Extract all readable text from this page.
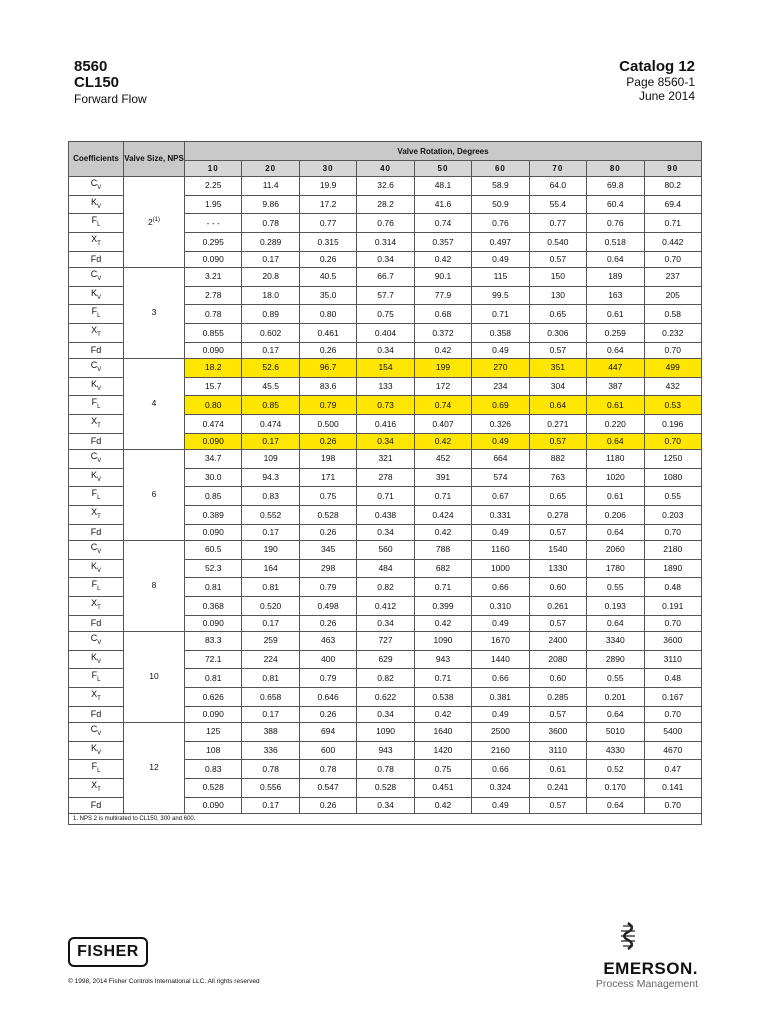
8560
CL150
Forward Flow
Catalog 12
Page 8560-1
June 2014
Coefficients	Valve Size, NPS	Valve Rotation, Degrees								
		10	20	30	40	50	60	70	80	90
$C_V$	2$^{(1)}$	2.25	11.4	19.9	32.6	48.1	58.9	64.0	69.8	80.2
$K_V$		1.95	9.86	17.2	28.2	41.6	50.9	55.4	60.4	69.4
$F_L$		- - -	0.78	0.77	0.76	0.74	0.76	0.77	0.76	0.71
$X_T$		0.295	0.289	0.315	0.314	0.357	0.497	0.540	0.518	0.442
Fd		0.090	0.17	0.26	0.34	0.42	0.49	0.57	0.64	0.70
$C_V$	3	3.21	20.8	40.5	66.7	90.1	115	150	189	237
$K_V$		2.78	18.0	35.0	57.7	77.9	99.5	130	163	205
$F_L$		0.78	0.89	0.80	0.75	0.68	0.71	0.65	0.61	0.58
$X_T$		0.855	0.602	0.461	0.404	0.372	0.358	0.306	0.259	0.232
Fd		0.090	0.17	0.26	0.34	0.42	0.49	0.57	0.64	0.70
$C_V$	4	18.2	52.6	96.7	154	199	270	351	447	499
$K_V$		15.7	45.5	83.6	133	172	234	304	387	432
$F_L$		0.80	0.85	0.79	0.73	0.74	0.69	0.64	0.61	0.53
$X_T$		0.474	0.474	0.500	0.416	0.407	0.326	0.271	0.220	0.196
Fd		0.090	0.17	0.26	0.34	0.42	0.49	0.57	0.64	0.70
$C_V$	6	34.7	109	198	321	452	664	882	1180	1250
$K_V$		30.0	94.3	171	278	391	574	763	1020	1080
$F_L$		0.85	0.83	0.75	0.71	0.71	0.67	0.65	0.61	0.55
$X_T$		0.389	0.552	0.528	0.438	0.424	0.331	0.278	0.206	0.203
Fd		0.090	0.17	0.26	0.34	0.42	0.49	0.57	0.64	0.70
$C_V$	8	60.5	190	345	560	788	1160	1540	2060	2180
$K_V$		52.3	164	298	484	682	1000	1330	1780	1890
$F_L$		0.81	0.81	0.79	0.82	0.71	0.66	0.60	0.55	0.48
$X_T$		0.368	0.520	0.498	0.412	0.399	0.310	0.261	0.193	0.191
Fd		0.090	0.17	0.26	0.34	0.42	0.49	0.57	0.64	0.70
$C_V$	10	83.3	259	463	727	1090	1670	2400	3340	3600
$K_V$		72.1	224	400	629	943	1440	2080	2890	3110
$F_L$		0.81	0.81	0.79	0.82	0.71	0.66	0.60	0.55	0.48
$X_T$		0.626	0.658	0.646	0.622	0.538	0.381	0.285	0.201	0.167
Fd		0.090	0.17	0.26	0.34	0.42	0.49	0.57	0.64	0.70
$C_V$	12	125	388	694	1090	1640	2500	3600	5010	5400
$K_V$		108	336	600	943	1420	2160	3110	4330	4670
$F_L$		0.83	0.78	0.78	0.78	0.75	0.66	0.61	0.52	0.47
$X_T$		0.528	0.556	0.547	0.528	0.451	0.324	0.241	0.170	0.141
Fd		0.090	0.17	0.26	0.34	0.42	0.49	0.57	0.64	0.70
1. NPS 2 is multirated to CL150, 300 and 600.										
FISHER
© 1998, 2014 Fisher Controls International LLC. All rights reserved
EMERSON.
Process Management
